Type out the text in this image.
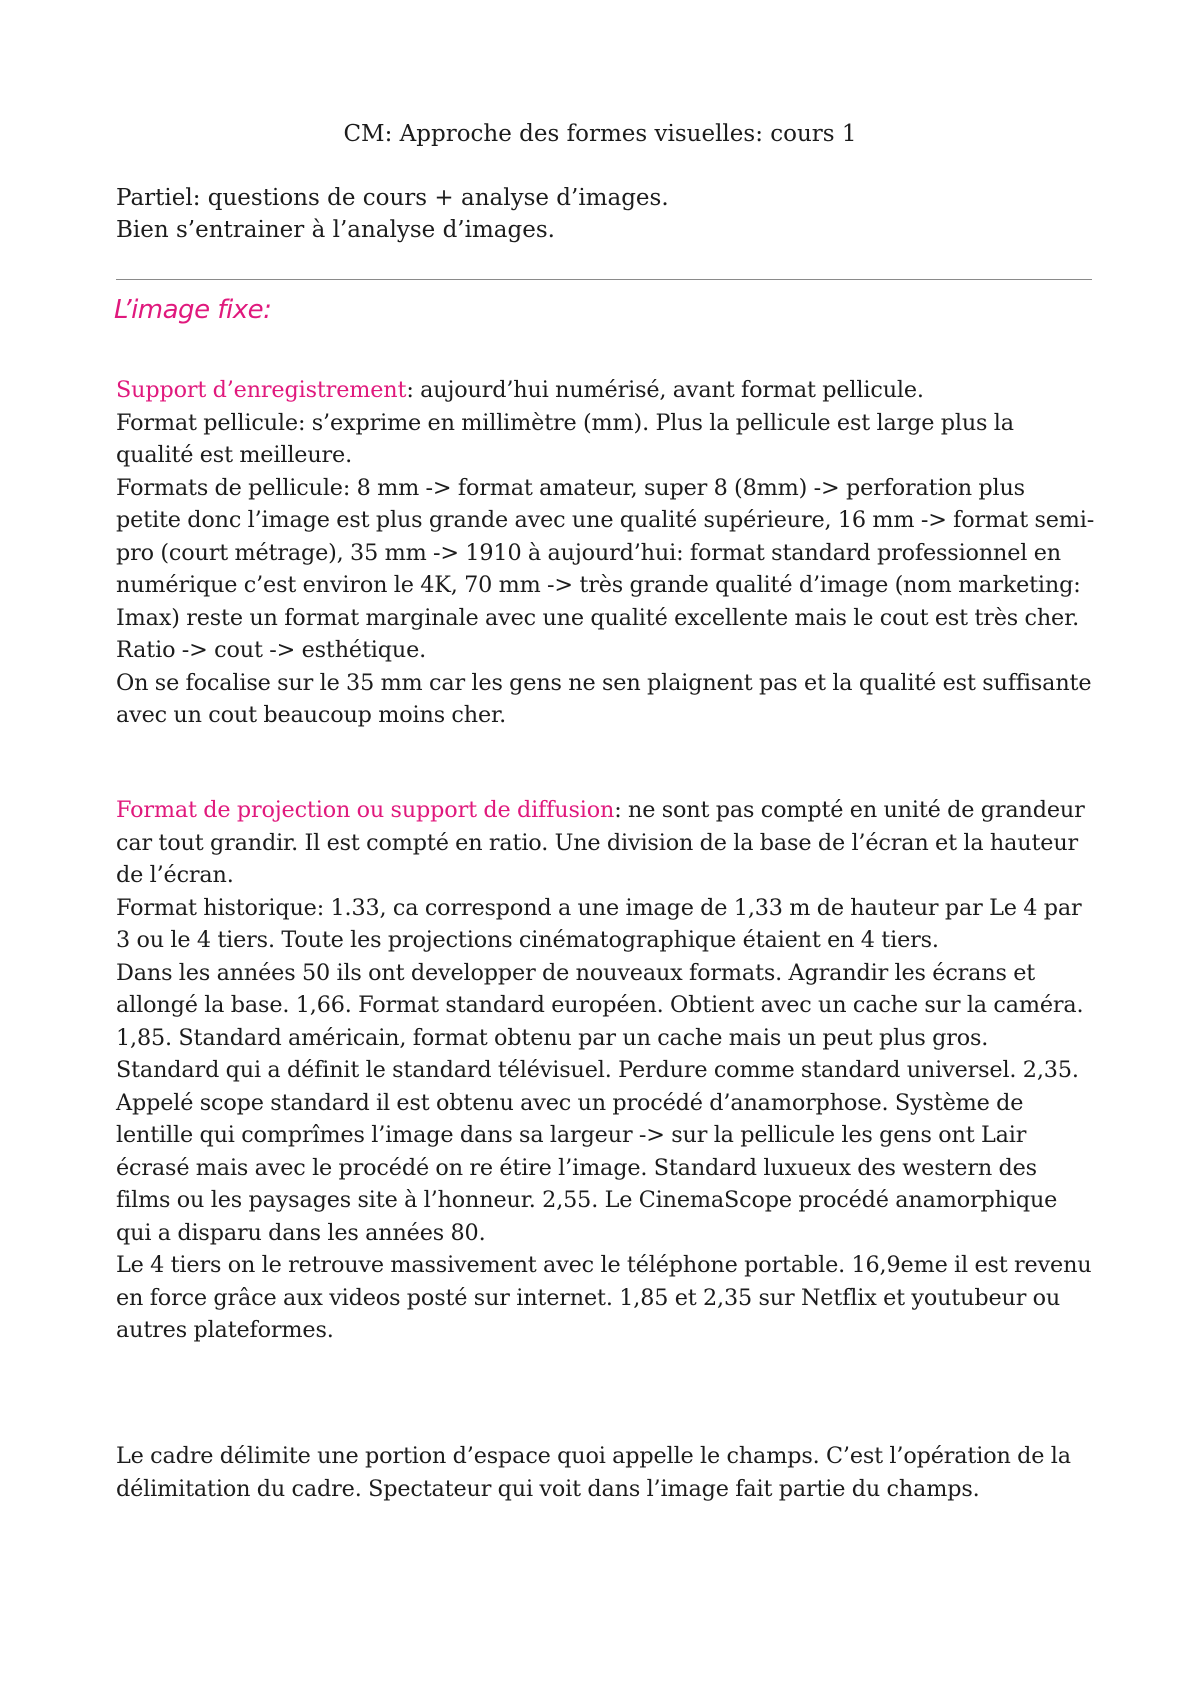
CM: Approche des formes visuelles: cours 1
Partiel: questions de cours + analyse d’images.
Bien s’entrainer à l’analyse d’images.
L’image fixe:

Support d’enregistrement: aujourd’hui numérisé, avant format pellicule.

Format pellicule: s’exprime en millimètre (mm). Plus la pellicule est large plus la qualité est meilleure.

Formats de pellicule: 8 mm -> format amateur, super 8 (8mm) -> perforation plus petite donc l’image est plus grande avec une qualité supérieure, 16 mm -> format semi-pro (court métrage), 35 mm -> 1910 à aujourd’hui: format standard professionnel en numérique c’est environ le 4K, 70 mm -> très grande qualité d’image (nom marketing: Imax) reste un format marginale avec une qualité excellente mais le cout est très cher.

Ratio -> cout -> esthétique.

On se focalise sur le 35 mm car les gens ne sen plaignent pas et la qualité est suffisante avec un cout beaucoup moins cher.

Format de projection ou support de diffusion: ne sont pas compté en unité de grandeur car tout grandir. Il est compté en ratio. Une division de la base de l’écran et la hauteur de l’écran.

Format historique: 1.33, ca correspond a une image de 1,33 m de hauteur par Le 4 par 3 ou le 4 tiers. Toute les projections cinématographique étaient en 4 tiers.

Dans les années 50 ils ont developper de nouveaux formats. Agrandir les écrans et allongé la base. 1,66. Format standard européen. Obtient avec un cache sur la caméra. 1,85. Standard américain, format obtenu par un cache mais un peut plus gros. Standard qui a définit le standard télévisuel. Perdure comme standard universel. 2,35. Appelé scope standard il est obtenu avec un procédé d’anamorphose. Système de lentille qui comprîmes l’image dans sa largeur -> sur la pellicule les gens ont Lair écrasé mais avec le procédé on re étire l’image. Standard luxueux des western des films ou les paysages site à l’honneur. 2,55. Le CinemaScope procédé anamorphique qui a disparu dans les années 80.

Le 4 tiers on le retrouve massivement avec le téléphone portable. 16,9eme il est revenu en force grâce aux videos posté sur internet. 1,85 et 2,35 sur Netflix et youtubeur ou autres plateformes.

Le cadre délimite une portion d’espace quoi appelle le champs. C’est l’opération de la délimitation du cadre. Spectateur qui voit dans l’image fait partie du champs.
